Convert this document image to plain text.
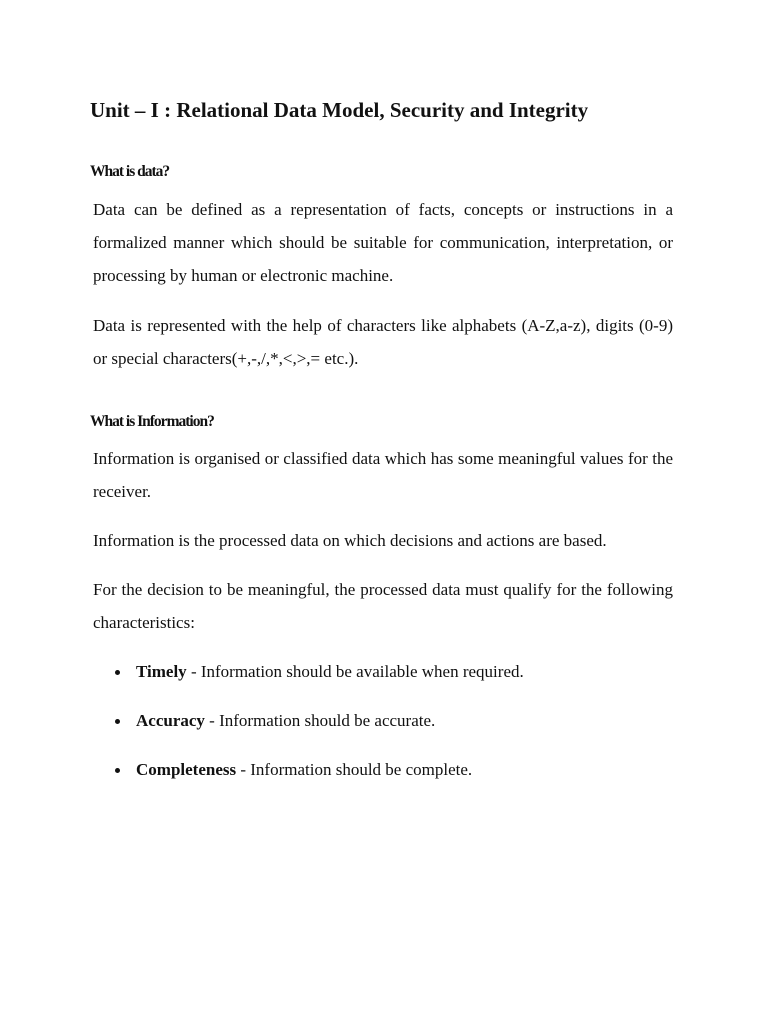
Unit – I : Relational Data Model, Security and Integrity
What is data?
Data can be defined as a representation of facts, concepts or instructions in a formalized manner which should be suitable for communication, interpretation, or processing by human or electronic machine.
Data is represented with the help of characters like alphabets (A-Z,a-z), digits (0-9) or special characters(+,-,/,*,<,>,= etc.).
What is Information?
Information is organised or classified data which has some meaningful values for the receiver.
Information is the processed data on which decisions and actions are based.
For the decision to be meaningful, the processed data must qualify for the following characteristics:
Timely - Information should be available when required.
Accuracy - Information should be accurate.
Completeness - Information should be complete.
